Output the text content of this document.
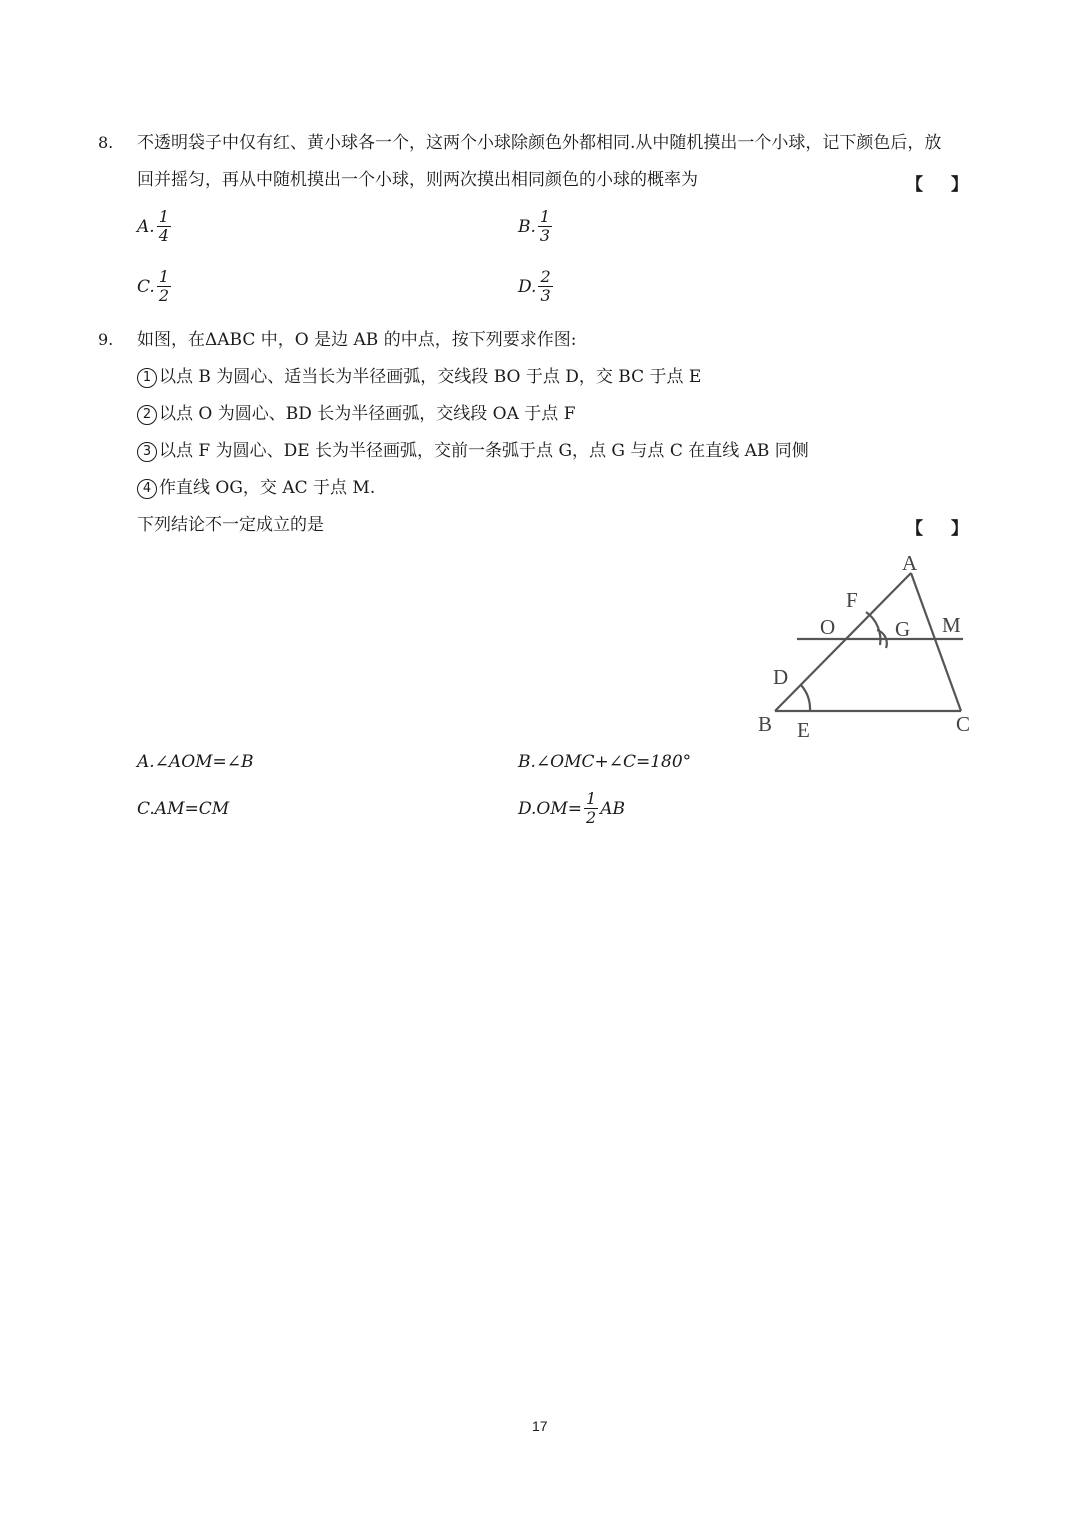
8. 不透明袋子中仅有红、黄小球各一个，这两个小球除颜色外都相同.从中随机摸出一个小球，记下颜色后，放
回并摇匀，再从中随机摸出一个小球，则两次摸出相同颜色的小球的概率为	【】
A. $\frac{1}{4}$	B. $\frac{1}{3}$
C. $\frac{1}{2}$	D. $\frac{2}{3}$
9. 如图，在ΔABC 中，O 是边 AB 的中点，按下列要求作图:
1 以点 B 为圆心、适当长为半径画弧，交线段 BO 于点 D，交 BC 于点 E
2 以点 O 为圆心、BD 长为半径画弧，交线段 OA 于点 F
3 以点 F 为圆心、DE 长为半径画弧，交前一条弧于点 G，点 G 与点 C 在直线 AB 同侧
4 作直线 OG，交 AC 于点 M.
下列结论不一定成立的是	【】
A
F
O	G M
D
B E	C
A.∠AOM=∠B	B.∠OMC+∠C=180°
C.AM=CM	$D.OM= \frac{1}{2}$ AB
17
